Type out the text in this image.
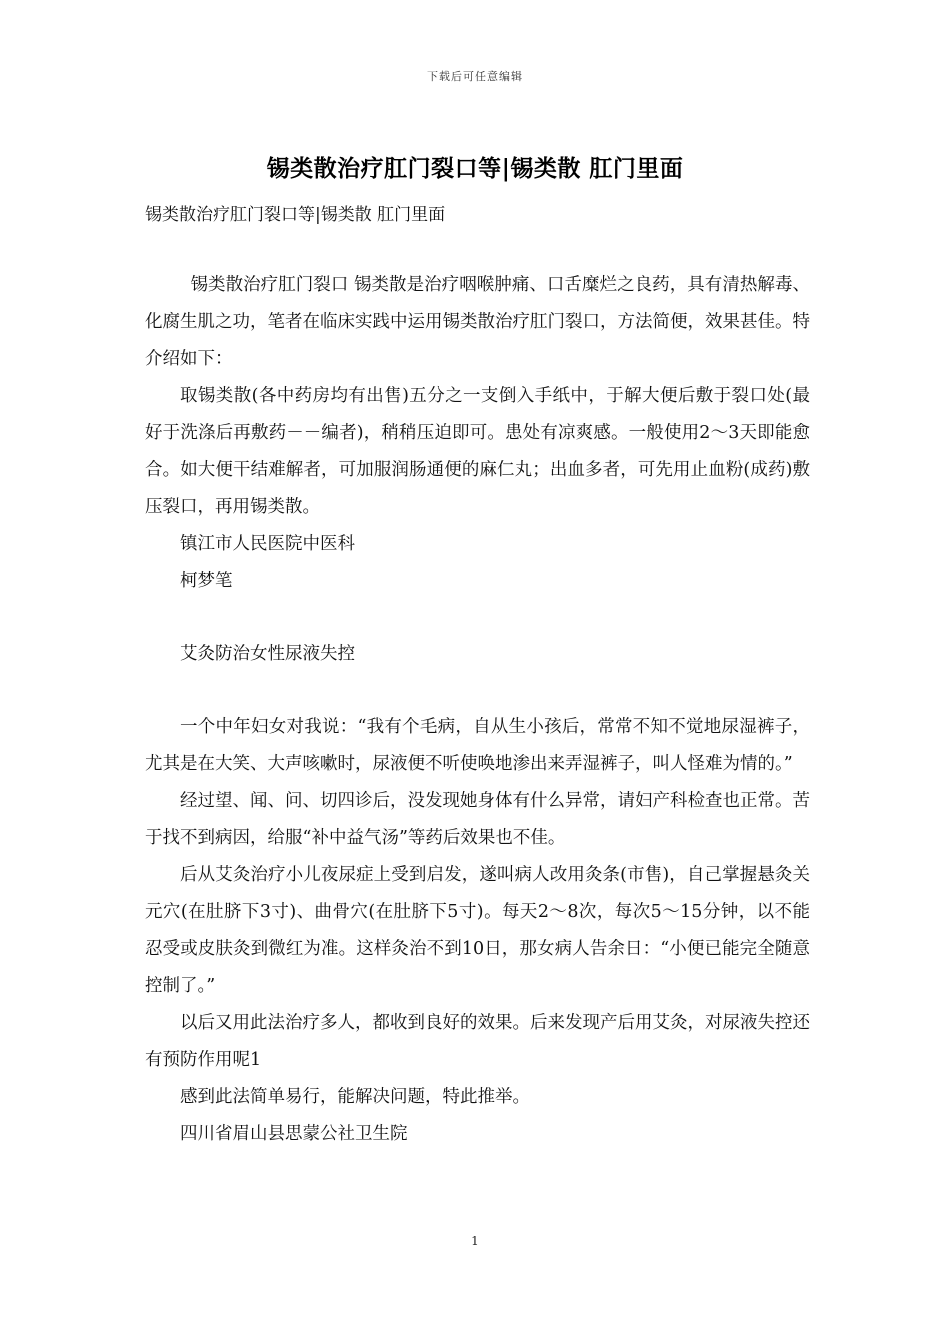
下载后可任意编辑
锡类散治疗肛门裂口等|锡类散 肛门里面
锡类散治疗肛门裂口等|锡类散 肛门里面

锡类散治疗肛门裂口 锡类散是治疗咽喉肿痛、口舌糜烂之良药，具有清热解毒、化腐生肌之功，笔者在临床实践中运用锡类散治疗肛门裂口，方法简便，效果甚佳。特介绍如下：

取锡类散(各中药房均有出售)五分之一支倒入手纸中，于解大便后敷于裂口处(最好于洗涤后再敷药－－编者)，稍稍压迫即可。患处有凉爽感。一般使用2～3天即能愈合。如大便干结难解者，可加服润肠通便的麻仁丸；出血多者，可先用止血粉(成药)敷压裂口，再用锡类散。

镇江市人民医院中医科

柯梦笔

艾灸防治女性尿液失控

一个中年妇女对我说：“我有个毛病，自从生小孩后，常常不知不觉地尿湿裤子，尤其是在大笑、大声咳嗽时，尿液便不听使唤地渗出来弄湿裤子，叫人怪难为情的。”

经过望、闻、问、切四诊后，没发现她身体有什么异常，请妇产科检查也正常。苦于找不到病因，给服“补中益气汤”等药后效果也不佳。

后从艾灸治疗小儿夜尿症上受到启发，遂叫病人改用灸条(市售)，自己掌握悬灸关元穴(在肚脐下3寸)、曲骨穴(在肚脐下5寸)。每天2～8次，每次5～15分钟，以不能忍受或皮肤灸到微红为准。这样灸治不到10日，那女病人告余日：“小便已能完全随意控制了。”

以后又用此法治疗多人，都收到良好的效果。后来发现产后用艾灸，对尿液失控还有预防作用呢1

感到此法简单易行，能解决问题，特此推举。

四川省眉山县思蒙公社卫生院

1
